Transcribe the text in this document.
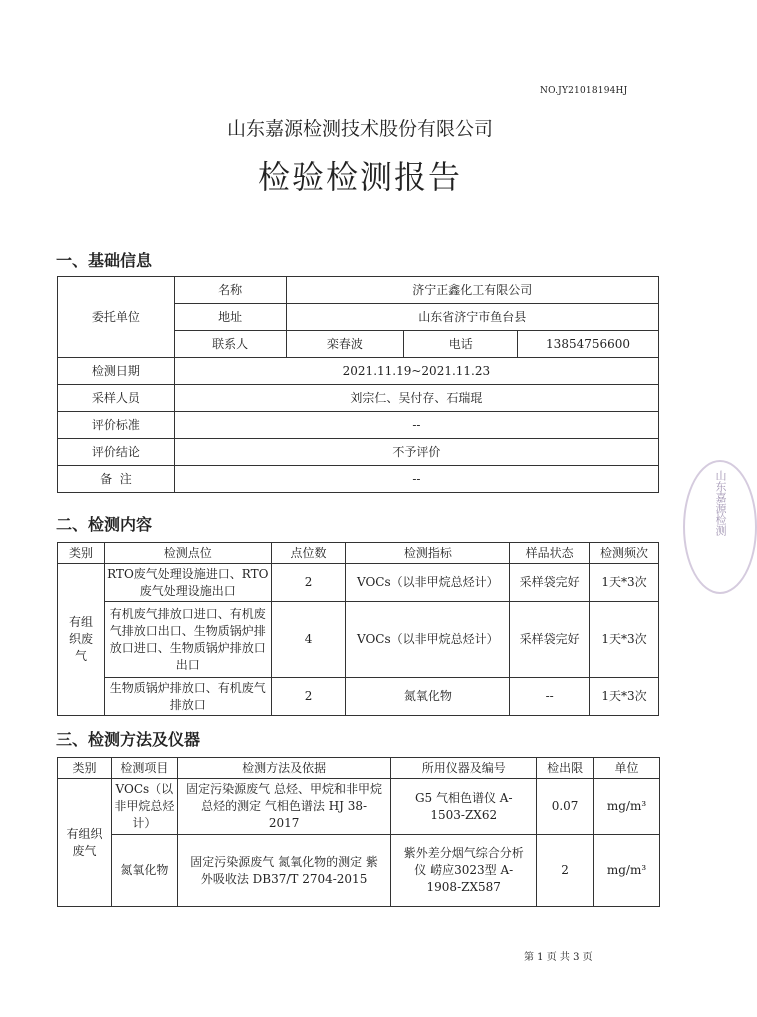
NO.JY21018194HJ
山东嘉源检测技术股份有限公司
检验检测报告
一、基础信息
委托单位	名称	济宁正鑫化工有限公司		
	地址	山东省济宁市鱼台县		
	联系人	栾春波	电话	13854756600
检测日期	2021.11.19~2021.11.23			
采样人员	刘宗仁、吴付存、石瑞琨			
评价标准	--			
评价结论	不予评价			
备  注	--			
二、检测内容
类别	检测点位	点位数	检测指标	样品状态	检测频次
有组织废气	RTO废气处理设施进口、RTO废气处理设施出口	2	VOCs（以非甲烷总烃计）	采样袋完好	1天*3次
	有机废气排放口进口、有机废气排放口出口、生物质锅炉排放口进口、生物质锅炉排放口出口	4	VOCs（以非甲烷总烃计）	采样袋完好	1天*3次
	生物质锅炉排放口、有机废气排放口	2	氮氧化物	--	1天*3次
三、检测方法及仪器
类别	检测项目	检测方法及依据	所用仪器及编号	检出限	单位
有组织废气	VOCs（以非甲烷总烃计）	固定污染源废气 总烃、甲烷和非甲烷总烃的测定 气相色谱法 HJ 38-2017	G5 气相色谱仪 A-1503-ZX62	0.07	mg/m³
	氮氧化物	固定污染源废气 氮氧化物的测定 紫外吸收法 DB37/T 2704-2015	紫外差分烟气综合分析仪 崂应3023型 A-1908-ZX587	2	mg/m³
山东嘉源检测
第 1 页 共 3 页
